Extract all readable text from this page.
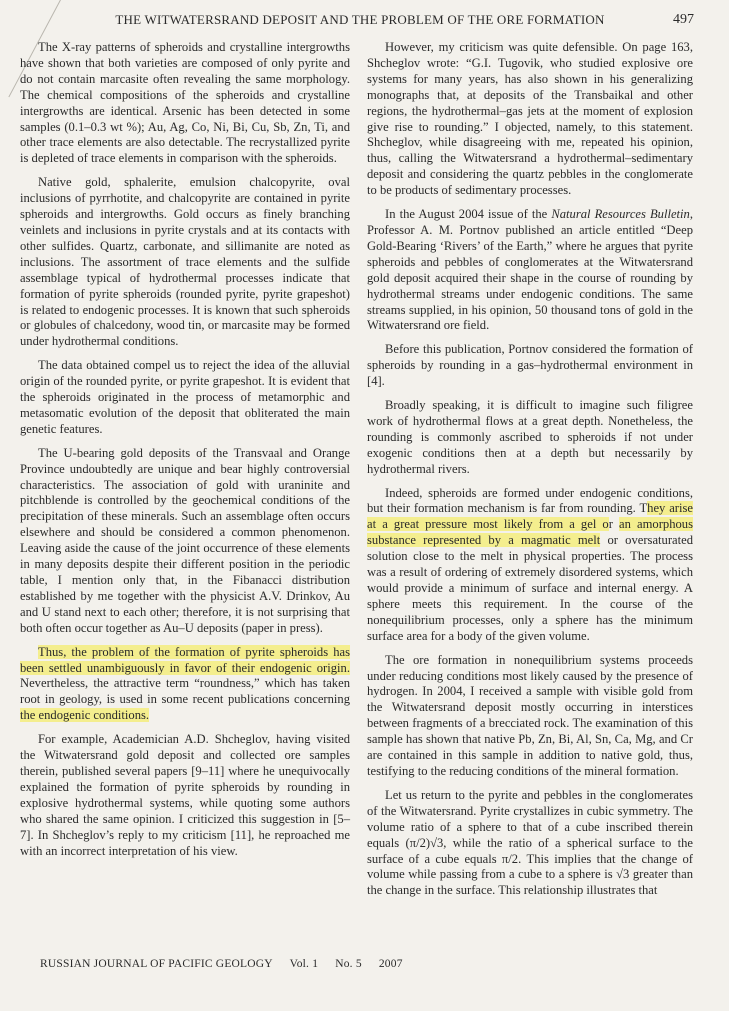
THE WITWATERSRAND DEPOSIT AND THE PROBLEM OF THE ORE FORMATION	497

The X-ray patterns of spheroids and crystalline intergrowths have shown that both varieties are composed of only pyrite and do not contain marcasite often revealing the same morphology. The chemical compositions of the spheroids and crystalline intergrowths are identical. Arsenic has been detected in some samples (0.1–0.3 wt %); Au, Ag, Co, Ni, Bi, Cu, Sb, Zn, Ti, and other trace elements are also detectable. The recrystallized pyrite is depleted of trace elements in comparison with the spheroids.

Native gold, sphalerite, emulsion chalcopyrite, oval inclusions of pyrrhotite, and chalcopyrite are contained in pyrite spheroids and intergrowths. Gold occurs as finely branching veinlets and inclusions in pyrite crystals and at its contacts with other sulfides. Quartz, carbonate, and sillimanite are noted as inclusions. The assortment of trace elements and the sulfide assemblage typical of hydrothermal processes indicate that formation of pyrite spheroids (rounded pyrite, pyrite grapeshot) is related to endogenic processes. It is known that such spheroids or globules of chalcedony, wood tin, or marcasite may be formed under hydrothermal conditions.

The data obtained compel us to reject the idea of the alluvial origin of the rounded pyrite, or pyrite grapeshot. It is evident that the spheroids originated in the process of metamorphic and metasomatic evolution of the deposit that obliterated the main genetic features.

The U-bearing gold deposits of the Transvaal and Orange Province undoubtedly are unique and bear highly controversial characteristics. The association of gold with uraninite and pitchblende is controlled by the geochemical conditions of the precipitation of these minerals. Such an assemblage often occurs elsewhere and should be considered a common phenomenon. Leaving aside the cause of the joint occurrence of these elements in many deposits despite their different position in the periodic table, I mention only that, in the Fibanacci distribution established by me together with the physicist A.V. Drinkov, Au and U stand next to each other; therefore, it is not surprising that both often occur together as Au–U deposits (paper in press).

Thus, the problem of the formation of pyrite spheroids has been settled unambiguously in favor of their endogenic origin. Nevertheless, the attractive term “roundness,” which has taken root in geology, is used in some recent publications concerning the endogenic conditions.

For example, Academician A.D. Shcheglov, having visited the Witwatersrand gold deposit and collected ore samples therein, published several papers [9–11] where he unequivocally explained the formation of pyrite spheroids by rounding in explosive hydrothermal systems, while quoting some authors who shared the same opinion. I criticized this suggestion in [5–7]. In Shcheglov’s reply to my criticism [11], he reproached me with an incorrect interpretation of his view.

However, my criticism was quite defensible. On page 163, Shcheglov wrote: “G.I. Tugovik, who studied explosive ore systems for many years, has also shown in his generalizing monographs that, at deposits of the Transbaikal and other regions, the hydrothermal–gas jets at the moment of explosion give rise to rounding.” I objected, namely, to this statement. Shcheglov, while disagreeing with me, repeated his opinion, thus, calling the Witwatersrand a hydrothermal–sedimentary deposit and considering the quartz pebbles in the conglomerate to be products of sedimentary processes.

In the August 2004 issue of the Natural Resources Bulletin, Professor A. M. Portnov published an article entitled “Deep Gold-Bearing ‘Rivers’ of the Earth,” where he argues that pyrite spheroids and pebbles of conglomerates at the Witwatersrand gold deposit acquired their shape in the course of rounding by hydrothermal streams under endogenic conditions. The same streams supplied, in his opinion, 50 thousand tons of gold in the Witwatersrand ore field.

Before this publication, Portnov considered the formation of spheroids by rounding in a gas–hydrothermal environment in [4].

Broadly speaking, it is difficult to imagine such filigree work of hydrothermal flows at a great depth. Nonetheless, the rounding is commonly ascribed to spheroids if not under exogenic conditions then at a depth but necessarily by hydrothermal rivers.

Indeed, spheroids are formed under endogenic conditions, but their formation mechanism is far from rounding. They arise at a great pressure most likely from a gel or an amorphous substance represented by a magmatic melt or oversaturated solution close to the melt in physical properties. The process was a result of ordering of extremely disordered systems, which would provide a minimum of surface and internal energy. A sphere meets this requirement. In the course of the nonequilibrium processes, only a sphere has the minimum surface area for a body of the given volume.

The ore formation in nonequilibrium systems proceeds under reducing conditions most likely caused by the presence of hydrogen. In 2004, I received a sample with visible gold from the Witwatersrand deposit mostly occurring in interstices between fragments of a brecciated rock. The examination of this sample has shown that native Pb, Zn, Bi, Al, Sn, Ca, Mg, and Cr are contained in this sample in addition to native gold, thus, testifying to the reducing conditions of the mineral formation.

Let us return to the pyrite and pebbles in the conglomerates of the Witwatersrand. Pyrite crystallizes in cubic symmetry. The volume ratio of a sphere to that of a cube inscribed therein equals (π/2)√3, while the ratio of a spherical surface to the surface of a cube equals π/2. This implies that the change of volume while passing from a cube to a sphere is √3 greater than the change in the surface. This relationship illustrates that

RUSSIAN JOURNAL OF PACIFIC GEOLOGY Vol. 1 No. 5 2007
